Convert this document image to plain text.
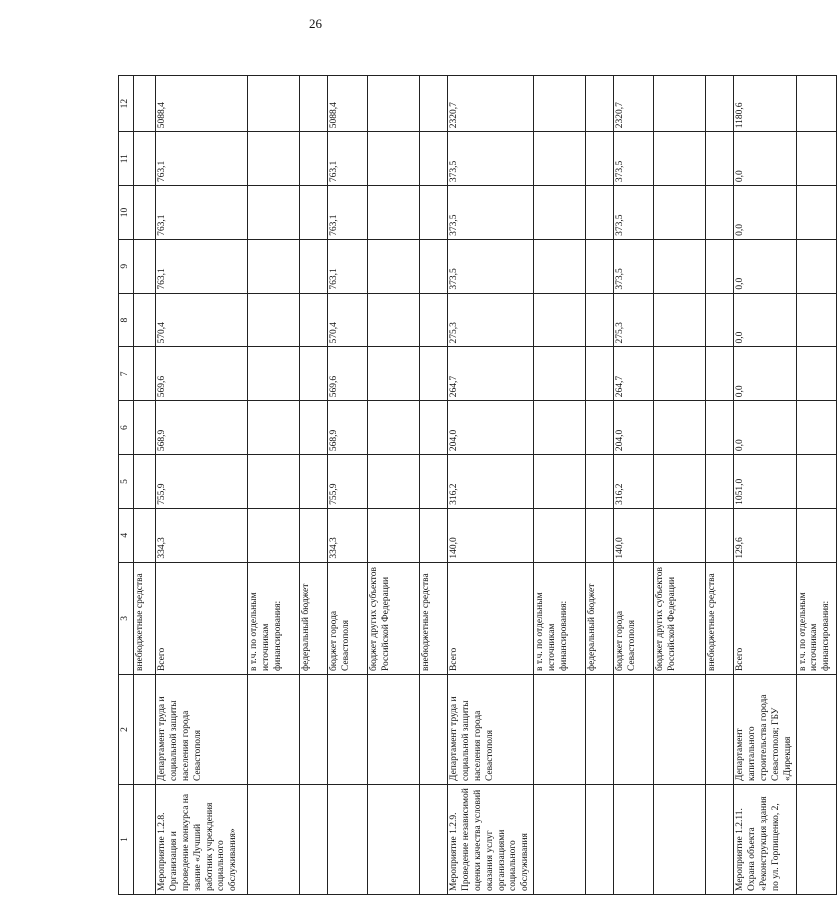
26
1	2	3	4	5	6	7	8	9	10	11	12
		внебюджетные средства									
Мероприятие 1.2.8. Организация и проведение конкурса на звание «Лучший работник учреждения социального обслуживания»	Департамент труда и социальной защиты населения города Севастополя	Всего	334,3	755,9	568,9	569,6	570,4	763,1	763,1	763,1	5088,4
		в т.ч. по отдельным источникам финансирования:									
		федеральный бюджет									
		бюджет города Севастополя	334,3	755,9	568,9	569,6	570,4	763,1	763,1	763,1	5088,4
		бюджет других субъектов Российской Федерации									
		внебюджетные средства									
Мероприятие 1.2.9. Проведение независимой оценки качества условий оказания услуг организациями социального обслуживания	Департамент труда и социальной защиты населения города Севастополя	Всего	140,0	316,2	204,0	264,7	275,3	373,5	373,5	373,5	2320,7
		в т.ч. по отдельным источникам финансирования:									
		федеральный бюджет									
		бюджет города Севастополя	140,0	316,2	204,0	264,7	275,3	373,5	373,5	373,5	2320,7
		бюджет других субъектов Российской Федерации									
		внебюджетные средства									
Мероприятие 1.2.11. Охрана объекта «Реконструкция здания по ул. Горпищенко, 2,	Департамент капитального строительства города Севастополя; ГБУ «Дирекция	Всего	129,6	1051,0	0,0	0,0	0,0	0,0	0,0	0,0	1180,6
		в т.ч. по отдельным источникам финансирования:									
